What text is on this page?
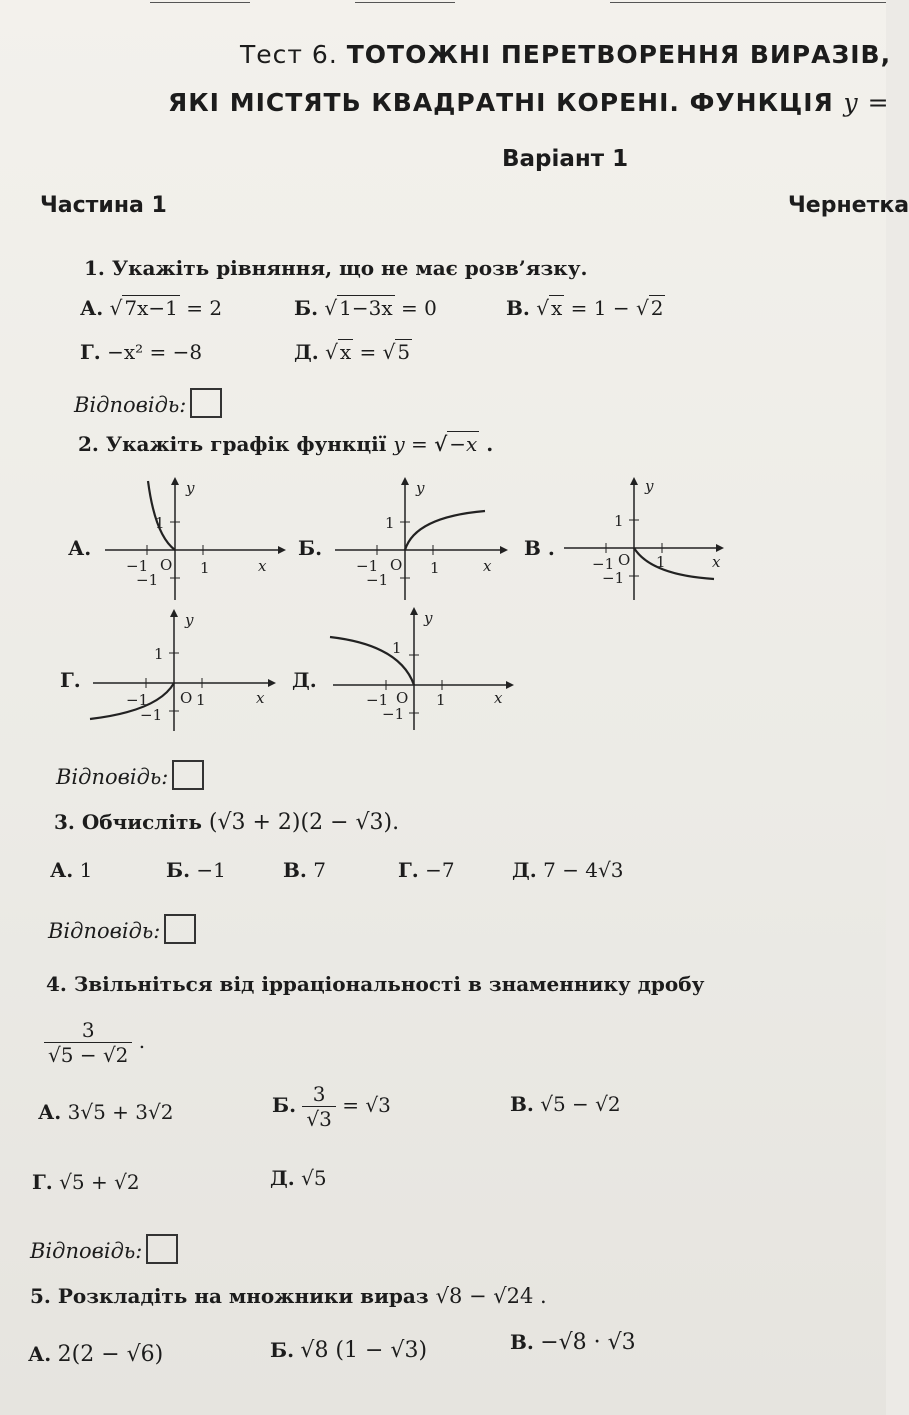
Тест 6. ТОТОЖНІ ПЕРЕТВОРЕННЯ ВИРАЗІВ,
ЯКІ МІСТЯТЬ КВАДРАТНІ КОРЕНІ. ФУНКЦІЯ y =
Варіант 1
Частина 1	Чернетка
1. Укажіть рівняння, що не має розв’язку.
А. √ 7x−1 = 2	Б. √ 1−3x = 0	В. √ x = 1 − √ 2
Г. −x² = −8	Д. √ x = √ 5
Відповідь:
2. Укажіть графік функції y = √ −x .
А.	Б.	В .
Г.	Д.
1
−1 O
−1
1	x
y
1
−1 O
−1
1	x
y
1
−1 O
−1
1	x
y
1
−1 O
−1
1	x
y
1
−1 O
−1
1	x
y
Відповідь:
3. Обчисліть (√3 + 2)(2 − √3).
А. 1	Б. −1	В. 7	Г. −7	Д. 7 − 4√3
Відповідь:
4. Звільніться від ірраціональності в знаменнику дробу
$\frac{3}{√5 - √2}$ .
А. 3√5 + 3√2	Б. $\frac{3}{√3} = √3$	В. √5 − √2
Г. √5 + √2	Д. √5
Відповідь:
5. Розкладіть на множники вираз √8 − √24 .
А. 2(2 − √6)	Б. √8 (1 − √3)	В. −√8 · √3
